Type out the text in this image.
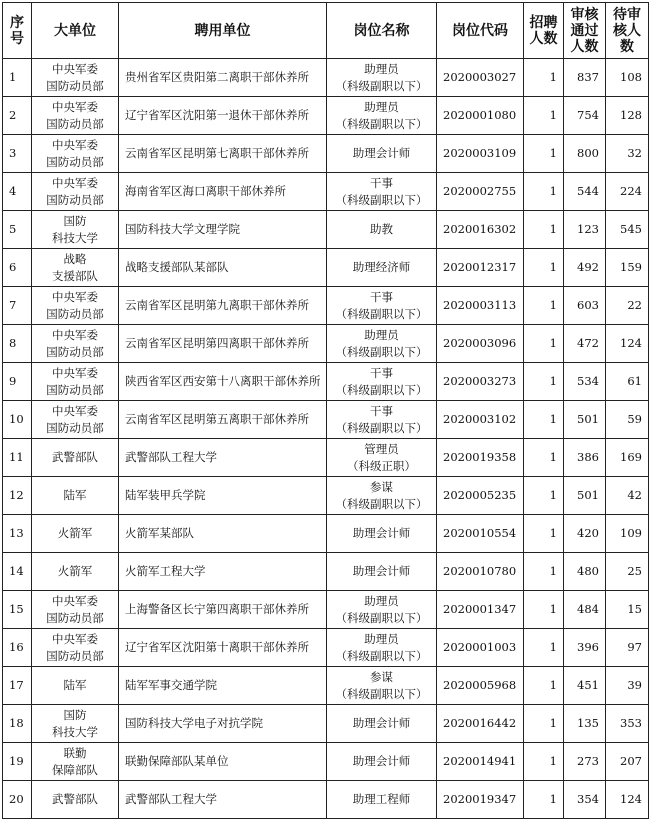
序
号	大单位	聘用单位	岗位名称	岗位代码	招聘
人数	审核
通过
人数	待审
核人
数

1	中央军委
国防动员部	贵州省军区贵阳第二离职干部休养所	助理员
（科级副职以下）	2020003027	1	837	108
2	中央军委
国防动员部	辽宁省军区沈阳第一退休干部休养所	助理员
（科级副职以下）	2020001080	1	754	128
3	中央军委
国防动员部	云南省军区昆明第七离职干部休养所	助理会计师	2020003109	1	800	32
4	中央军委
国防动员部	海南省军区海口离职干部休养所	干事
（科级副职以下）	2020002755	1	544	224
5	国防
科技大学	国防科技大学文理学院	助教	2020016302	1	123	545
6	战略
支援部队	战略支援部队某部队	助理经济师	2020012317	1	492	159
7	中央军委
国防动员部	云南省军区昆明第九离职干部休养所	干事
（科级副职以下）	2020003113	1	603	22
8	中央军委
国防动员部	云南省军区昆明第四离职干部休养所	助理员
（科级副职以下）	2020003096	1	472	124
9	中央军委
国防动员部	陕西省军区西安第十八离职干部休养所	干事
（科级副职以下）	2020003273	1	534	61
10	中央军委
国防动员部	云南省军区昆明第五离职干部休养所	干事
（科级副职以下）	2020003102	1	501	59
11	武警部队	武警部队工程大学	管理员
（科级正职）	2020019358	1	386	169
12	陆军	陆军装甲兵学院	参谋
（科级副职以下）	2020005235	1	501	42
13	火箭军	火箭军某部队	助理会计师	2020010554	1	420	109
14	火箭军	火箭军工程大学	助理会计师	2020010780	1	480	25
15	中央军委
国防动员部	上海警备区长宁第四离职干部休养所	助理员
（科级副职以下）	2020001347	1	484	15
16	中央军委
国防动员部	辽宁省军区沈阳第十离职干部休养所	助理员
（科级副职以下）	2020001003	1	396	97
17	陆军	陆军军事交通学院	参谋
（科级副职以下）	2020005968	1	451	39
18	国防
科技大学	国防科技大学电子对抗学院	助理会计师	2020016442	1	135	353
19	联勤
保障部队	联勤保障部队某单位	助理会计师	2020014941	1	273	207
20	武警部队	武警部队工程大学	助理工程师	2020019347	1	354	124
